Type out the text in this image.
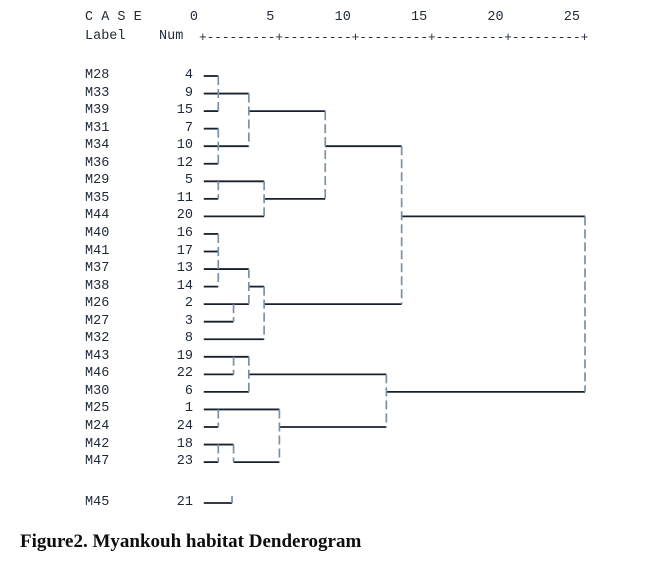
C A S E	0	5	10	15	20	25
Label Num +---------+---------+---------+---------+---------+
M28	4
M33	9
M39	15
M31	7
M34	10
M36	12
M29	5
M35	11
M44	20
M40	16
M41	17
M37	13
M38	14
M26	2
M27	3
M32	8
M43	19
M46	22
M30	6
M25	1
M24	24
M42	18
M47	23
M45	21
Figure2. Myankouh habitat Denderogram
